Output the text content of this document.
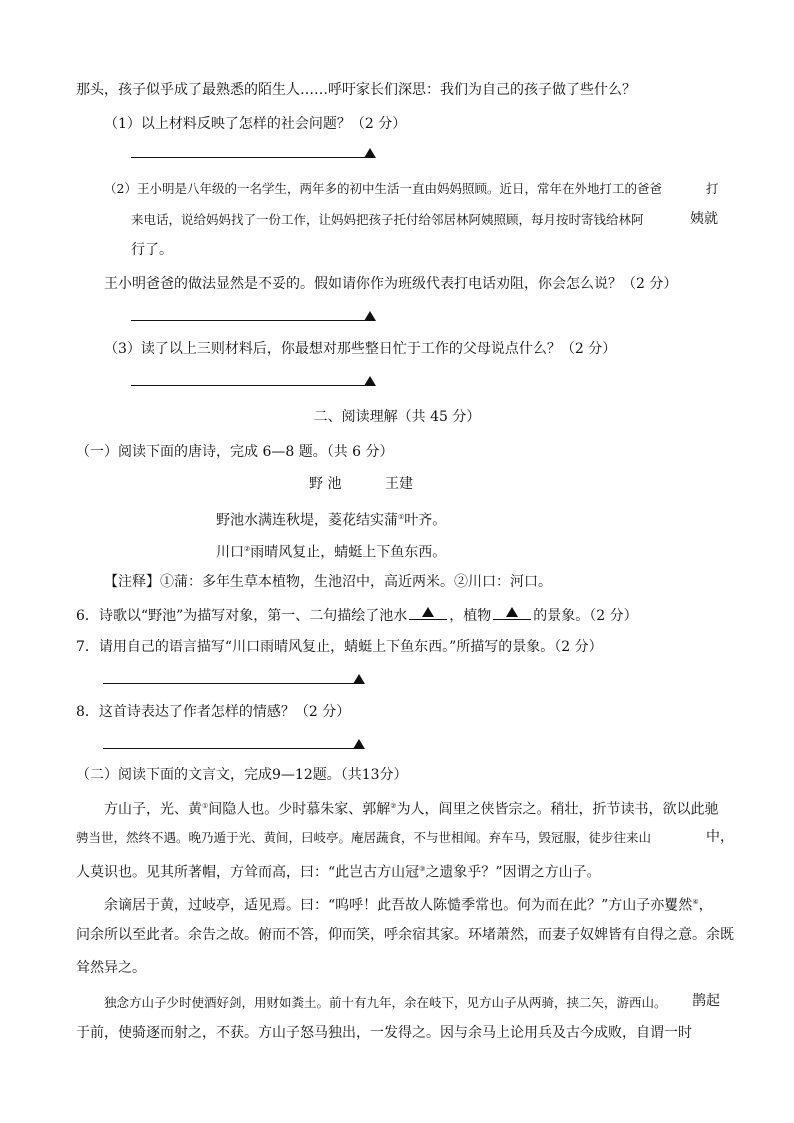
那头，孩子似乎成了最熟悉的陌生人……呼吁家长们深思：我们为自己的孩子做了些什么？
（1）以上材料反映了怎样的社会问题？（2 分）
（2）王小明是八年级的一名学生，两年多的初中生活一直由妈妈照顾。近日，常年在外地打工的爸爸	打
来电话，说给妈妈找了一份工作，让妈妈把孩子托付给邻居林阿姨照顾，每月按时寄钱给林阿	姨就
行了。
王小明爸爸的做法显然是不妥的。假如请你作为班级代表打电话劝阻，你会怎么说？（2 分）
（3）读了以上三则材料后，你最想对那些整日忙于工作的父母说点什么？（2 分）
二、阅读理解（共 45 分）
（一）阅读下面的唐诗，完成 6—8 题。（共 6 分）
野 池	王建
野池水满连秋堤，菱花结实蒲①叶齐。
川口②雨晴风复止，蜻蜓上下鱼东西。
【注释】①蒲：多年生草本植物，生池沼中，高近两米。②川口：河口。
6．诗歌以“野池”为描写对象，第一、二句描绘了池水	，植物	的景象。（2 分）
7．请用自己的语言描写“川口雨晴风复止，蜻蜓上下鱼东西。”所描写的景象。（2 分）
8．这首诗表达了作者怎样的情感？（2 分）
（二）阅读下面的文言文，完成9—12题。（共13分）
方山子，光、黄①间隐人也。少时慕朱家、郭解②为人，闾里之侠皆宗之。稍壮，折节读书，欲以此驰
骋当世，然终不遇。晚乃遁于光、黄间，曰岐亭。庵居蔬食，不与世相闻。弃车马，毁冠服，徒步往来山	中，
人莫识也。见其所著帽，方耸而高，曰：“此岂古方山冠③之遗象乎？”因谓之方山子。
余谪居于黄，过岐亭，适见焉。曰：“呜呼！此吾故人陈慥季常也。何为而在此？”方山子亦矍然④，
问余所以至此者。余告之故。俯而不答，仰而笑，呼余宿其家。环堵萧然，而妻子奴婢皆有自得之意。余既
耸然异之。
独念方山子少时使酒好剑，用财如粪土。前十有九年，余在岐下，见方山子从两骑，挟二矢，游西山。 鹊起
于前，使骑逐而射之，不获。方山子怒马独出，一发得之。因与余马上论用兵及古今成败，自谓一时
